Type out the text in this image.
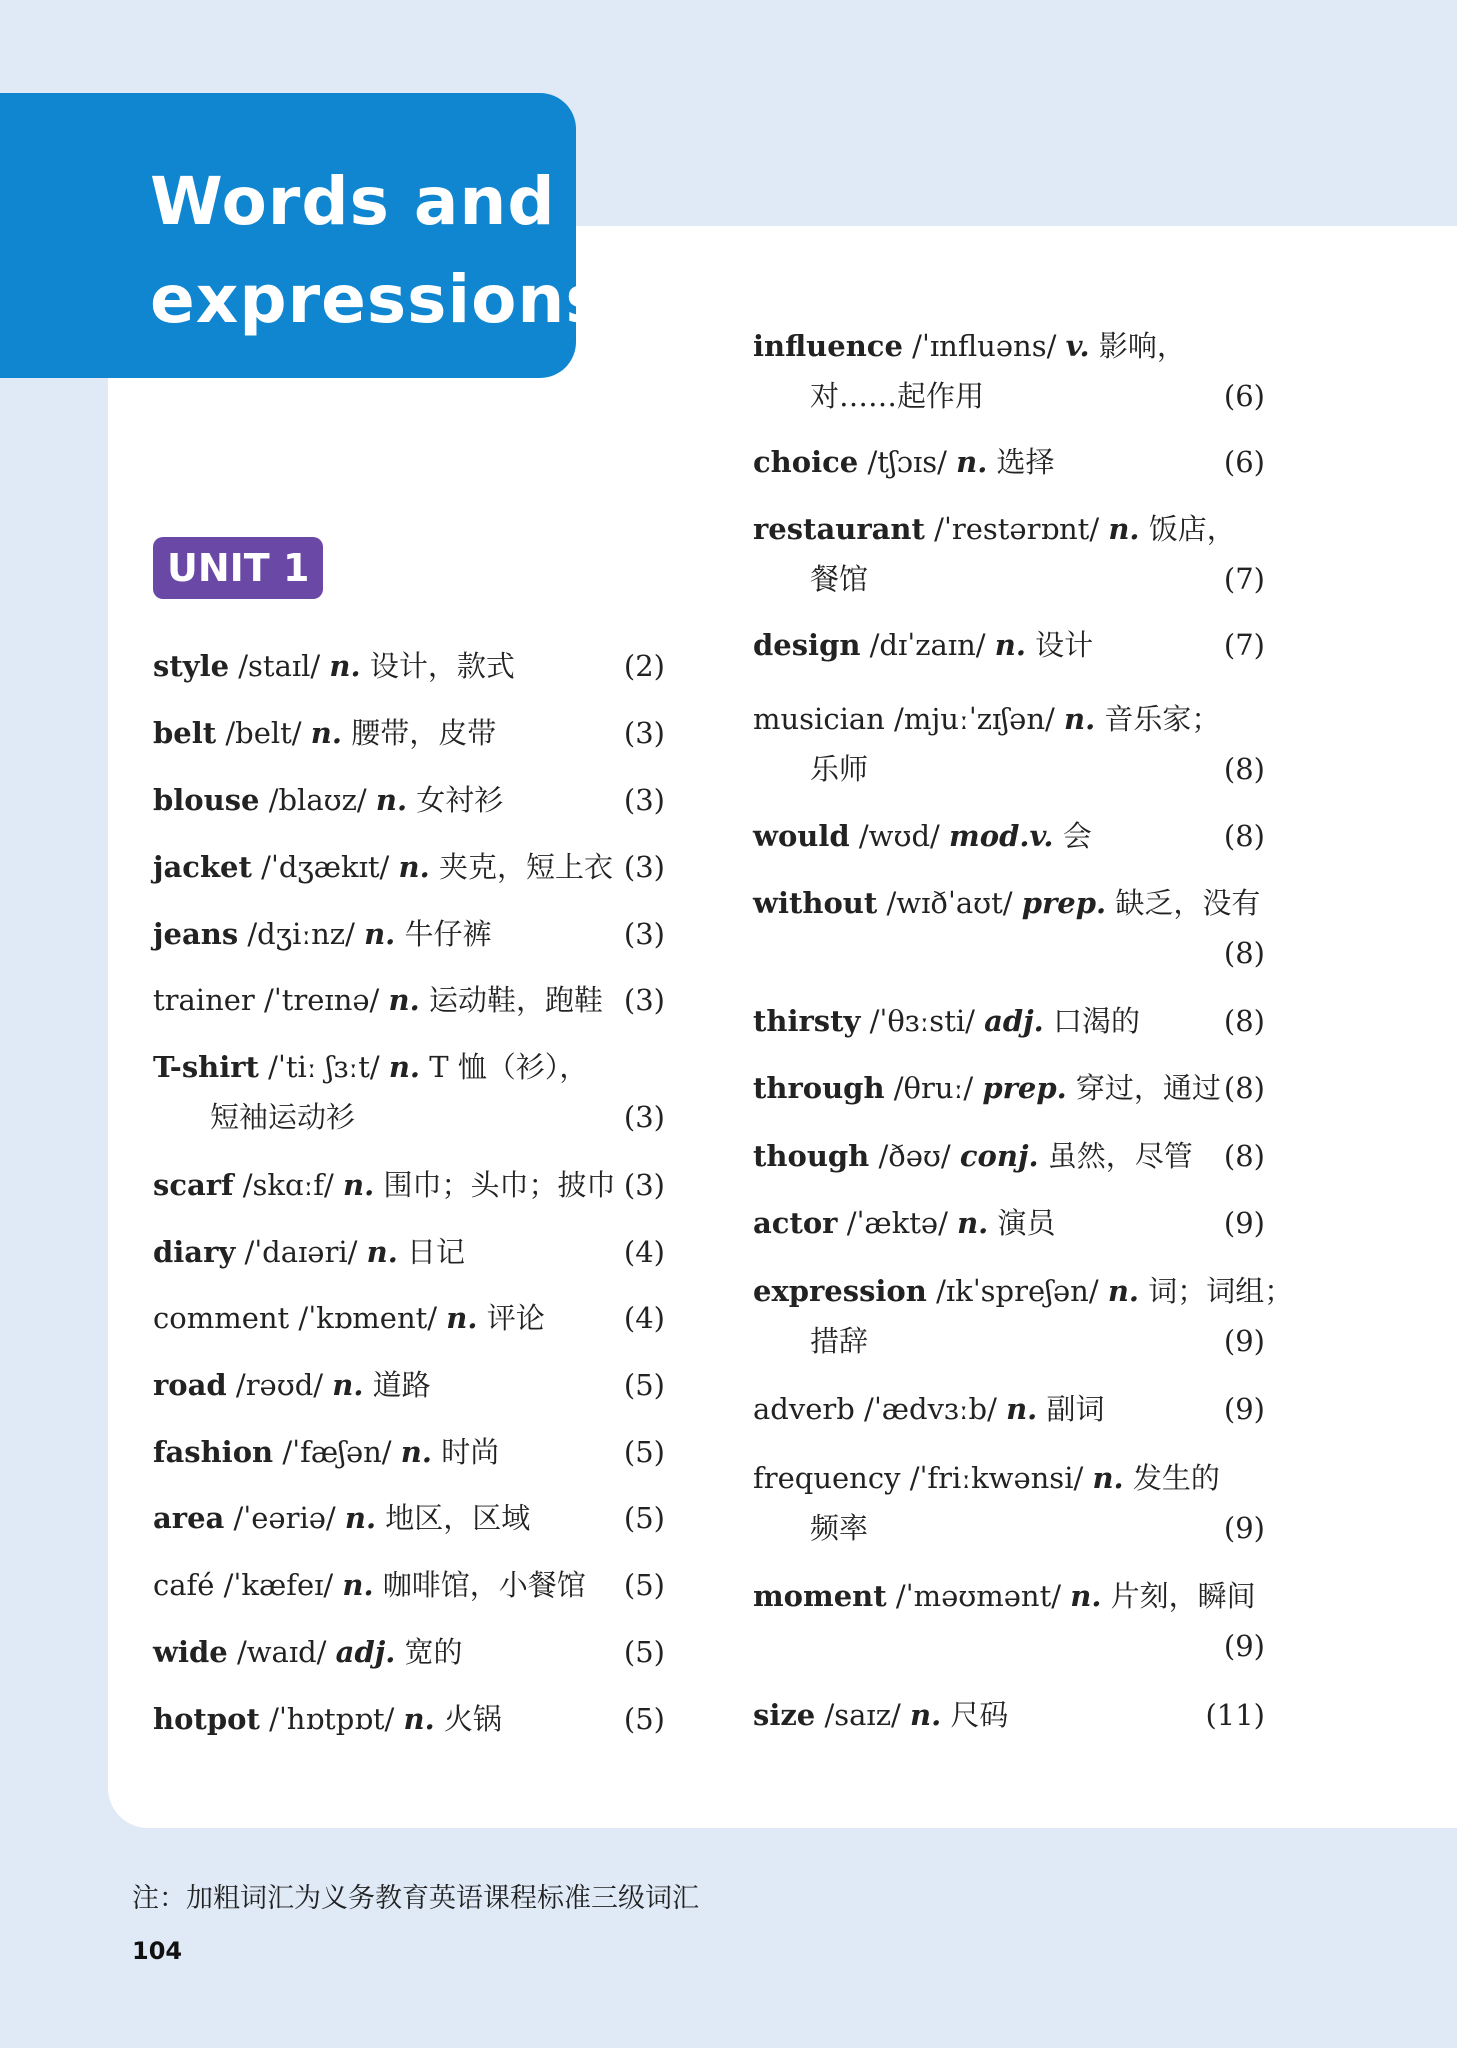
Words and
expressions
UNIT 1
style /staɪl/ n. 设计，款式	(2)
belt /belt/ n. 腰带，皮带	(3)
blouse /blaʊz/ n. 女衬衫	(3)
jacket /ˈdʒækɪt/ n. 夹克，短上衣 (3)
jeans /dʒiːnz/ n. 牛仔裤	(3)
trainer /ˈtreɪnə/ n. 运动鞋，跑鞋 (3)
T-shirt /ˈtiː ʃɜːt/ n. T 恤（衫），
短袖运动衫	(3)
scarf /skɑːf/ n. 围巾；头巾；披巾 (3)
diary /ˈdaɪəri/ n. 日记	(4)
comment /ˈkɒment/ n. 评论	(4)
road /rəʊd/ n. 道路	(5)
fashion /ˈfæʃən/ n. 时尚	(5)
area /ˈeəriə/ n. 地区，区域	(5)
café /ˈkæfeɪ/ n. 咖啡馆，小餐馆 (5)
wide /waɪd/ adj. 宽的	(5)
hotpot /ˈhɒtpɒt/ n. 火锅	(5)
influence /ˈɪnfluəns/ v. 影响，
对……起作用	(6)
choice /tʃɔɪs/ n. 选择	(6)
restaurant /ˈrestərɒnt/ n. 饭店，
餐馆	(7)
design /dɪˈzaɪn/ n. 设计	(7)
musician /mjuːˈzɪʃən/ n. 音乐家；
乐师	(8)
would /wʊd/ mod.v. 会	(8)
without /wɪðˈaʊt/ prep. 缺乏，没有
(8)
thirsty /ˈθɜːsti/ adj. 口渴的	(8)
through /θruː/ prep. 穿过，通过 (8)
though /ðəʊ/ conj. 虽然，尽管 (8)
actor /ˈæktə/ n. 演员	(9)
expression /ɪkˈspreʃən/ n. 词；词组；
措辞	(9)
adverb /ˈædvɜːb/ n. 副词	(9)
frequency /ˈfriːkwənsi/ n. 发生的
频率	(9)
moment /ˈməʊmənt/ n. 片刻，瞬间
(9)
size /saɪz/ n. 尺码	(11)
注：加粗词汇为义务教育英语课程标准三级词汇
104
